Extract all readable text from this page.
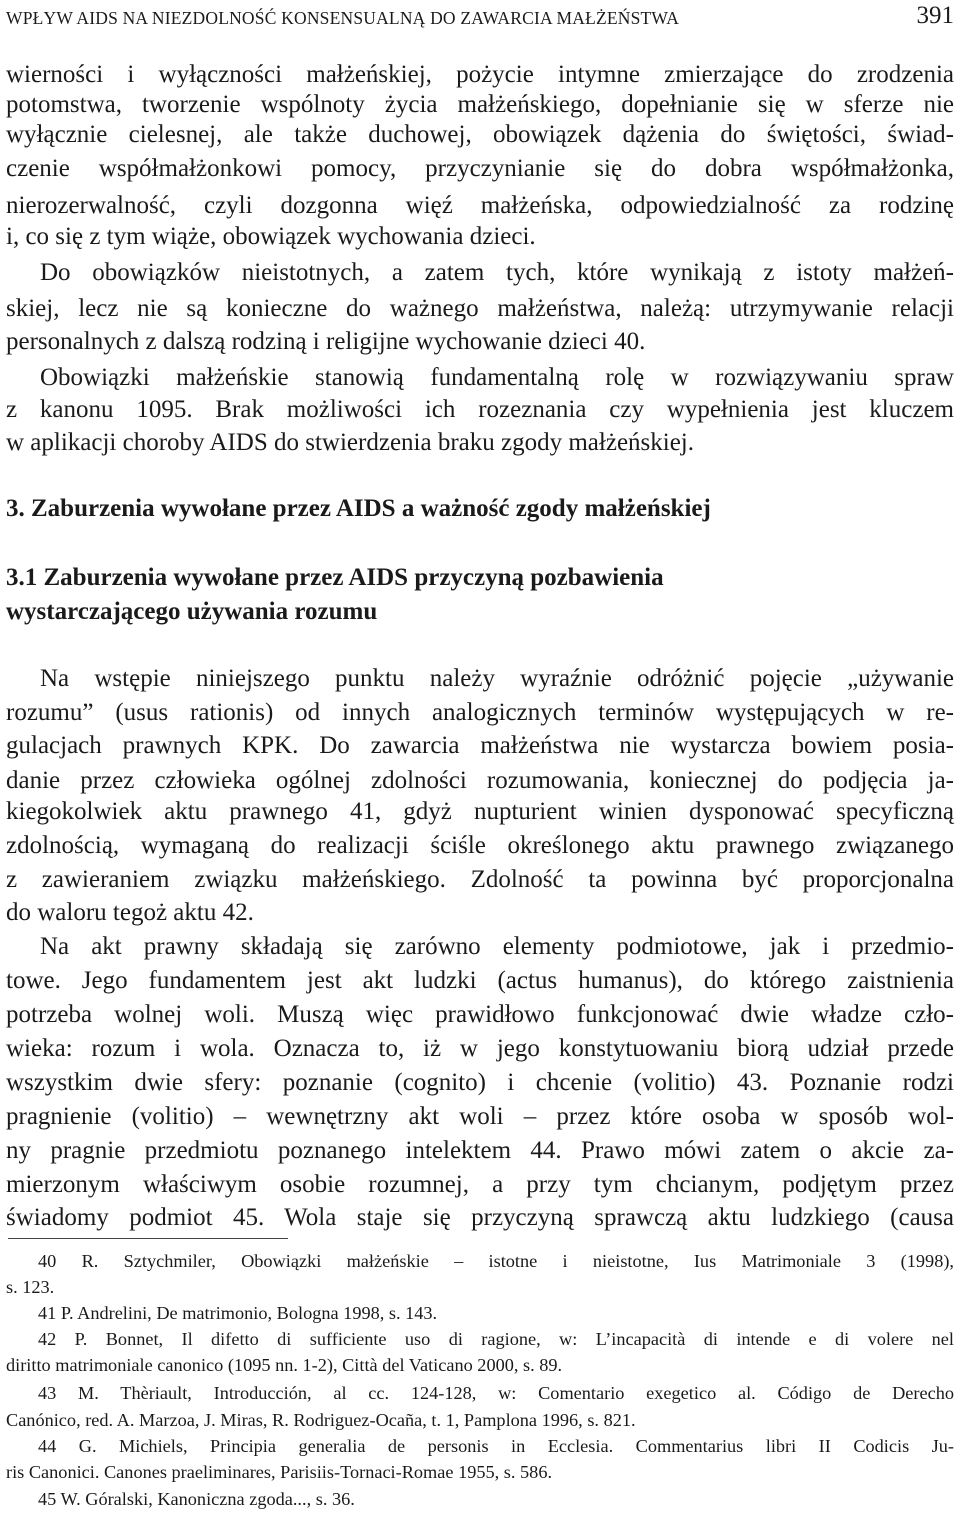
WPŁYW AIDS NA NIEZDOLNOŚĆ KONSENSUALNĄ DO ZAWARCIA MAŁŻEŃSTWA	391
wierności i wyłączności małżeńskiej, pożycie intymne zmierzające do zrodzenia
potomstwa, tworzenie wspólnoty życia małżeńskiego, dopełnianie się w sferze nie
wyłącznie cielesnej, ale także duchowej, obowiązek dążenia do świętości, świad-
czenie współmałżonkowi pomocy, przyczynianie się do dobra współmałżonka,
nierozerwalność, czyli dozgonna więź małżeńska, odpowiedzialność za rodzinę
i, co się z tym wiąże, obowiązek wychowania dzieci.
Do obowiązków nieistotnych, a zatem tych, które wynikają z istoty małżeń-
skiej, lecz nie są konieczne do ważnego małżeństwa, należą: utrzymywanie relacji
personalnych z dalszą rodziną i religijne wychowanie dzieci 40.
Obowiązki małżeńskie stanowią fundamentalną rolę w rozwiązywaniu spraw
z kanonu 1095. Brak możliwości ich rozeznania czy wypełnienia jest kluczem
w aplikacji choroby AIDS do stwierdzenia braku zgody małżeńskiej.
3. Zaburzenia wywołane przez AIDS a ważność zgody małżeńskiej
3.1 Zaburzenia wywołane przez AIDS przyczyną pozbawienia
wystarczającego używania rozumu
Na wstępie niniejszego punktu należy wyraźnie odróżnić pojęcie „używanie
rozumu” (usus rationis) od innych analogicznych terminów występujących w re-
gulacjach prawnych KPK. Do zawarcia małżeństwa nie wystarcza bowiem posia-
danie przez człowieka ogólnej zdolności rozumowania, koniecznej do podjęcia ja-
kiegokolwiek aktu prawnego 41, gdyż nupturient winien dysponować specyficzną
zdolnością, wymaganą do realizacji ściśle określonego aktu prawnego związanego
z zawieraniem związku małżeńskiego. Zdolność ta powinna być proporcjonalna
do waloru tegoż aktu 42.
Na akt prawny składają się zarówno elementy podmiotowe, jak i przedmio-
towe. Jego fundamentem jest akt ludzki (actus humanus), do którego zaistnienia
potrzeba wolnej woli. Muszą więc prawidłowo funkcjonować dwie władze czło-
wieka: rozum i wola. Oznacza to, iż w jego konstytuowaniu biorą udział przede
wszystkim dwie sfery: poznanie (cognito) i chcenie (volitio) 43. Poznanie rodzi
pragnienie (volitio) – wewnętrzny akt woli – przez które osoba w sposób wol-
ny pragnie przedmiotu poznanego intelektem 44. Prawo mówi zatem o akcie za-
mierzonym właściwym osobie rozumnej, a przy tym chcianym, podjętym przez
świadomy podmiot 45. Wola staje się przyczyną sprawczą aktu ludzkiego (causa
40 R. Sztychmiler, Obowiązki małżeńskie – istotne i nieistotne, Ius Matrimoniale 3 (1998),
s. 123.
41 P. Andrelini, De matrimonio, Bologna 1998, s. 143.
42 P. Bonnet, Il difetto di sufficiente uso di ragione, w: L’incapacità di intende e di volere nel
diritto matrimoniale canonico (1095 nn. 1-2), Città del Vaticano 2000, s. 89.
43 M. Thèriault, Introducción, al cc. 124-128, w: Comentario exegetico al. Código de Derecho
Canónico, red. A. Marzoa, J. Miras, R. Rodriguez-Ocaña, t. 1, Pamplona 1996, s. 821.
44 G. Michiels, Principia generalia de personis in Ecclesia. Commentarius libri II Codicis Ju-
ris Canonici. Canones praeliminares, Parisiis-Tornaci-Romae 1955, s. 586.
45 W. Góralski, Kanoniczna zgoda..., s. 36.
